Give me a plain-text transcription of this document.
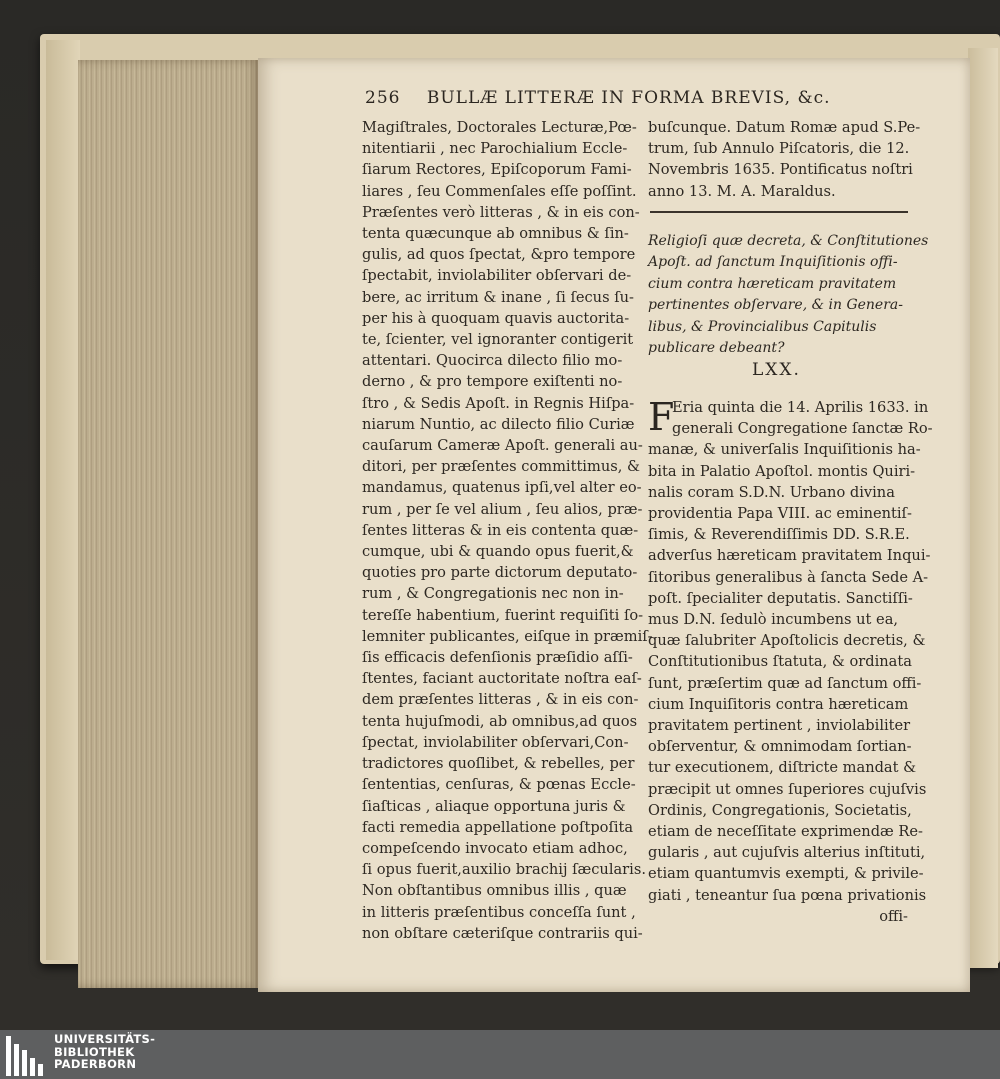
256 BULLÆ LITTERÆ IN FORMA BREVIS, &c.
Magiſtrales, Doctorales Lecturæ,Pœ-
nitentiarii , nec Parochialium Eccle-
ſiarum Rectores, Epiſcoporum Fami-
liares , ſeu Commenſales eſſe poſſint.
Præſentes verò litteras , & in eis con-
tenta quæcunque ab omnibus & ſin-
gulis, ad quos ſpectat, &pro tempore
ſpectabit, inviolabiliter obſervari de-
bere, ac irritum & inane , ſi ſecus ſu-
per his à quoquam quavis auctorita-
te, ſcienter, vel ignoranter contigerit
attentari. Quocirca dilecto filio mo-
derno , & pro tempore exiſtenti no-
ſtro , & Sedis Apoſt. in Regnis Hiſpa-
niarum Nuntio, ac dilecto filio Curiæ
cauſarum Cameræ Apoſt. generali au-
ditori, per præſentes committimus, &
mandamus, quatenus ipſi,vel alter eo-
rum , per ſe vel alium , ſeu alios, præ-
ſentes litteras & in eis contenta quæ-
cumque, ubi & quando opus fuerit,&
quoties pro parte dictorum deputato-
rum , & Congregationis nec non in-
tereſſe habentium, fuerint requiſiti ſo-
lemniter publicantes, eiſque in præmiſ-
ſis efficacis defenſionis præſidio aſſi-
ſtentes, faciant auctoritate noſtra eaſ-
dem præſentes litteras , & in eis con-
tenta hujuſmodi, ab omnibus,ad quos
ſpectat, inviolabiliter obſervari,Con-
tradictores quoſlibet, & rebelles, per
ſententias, cenſuras, & pœnas Eccle-
ſiaſticas , aliaque opportuna juris &
facti remedia appellatione poſtpoſita
compeſcendo invocato etiam adhoc,
ſi opus fuerit,auxilio brachij ſæcularis.
Non obſtantibus omnibus illis , quæ
in litteris præſentibus conceſſa ſunt ,
non obſtare cæteriſque contrariis qui-
buſcunque. Datum Romæ apud S.Pe-
trum, ſub Annulo Piſcatoris, die 12.
Novembris 1635. Pontificatus noſtri
anno 13. M. A. Maraldus.
Religioſi quæ decreta, & Conſtitutiones
Apoſt. ad ſanctum Inquiſitionis offi-
cium contra hæreticam pravitatem
pertinentes obſervare, & in Genera-
libus, & Provincialibus Capitulis
publicare debeant?
LXX.
F
Eria quinta die 14. Aprilis 1633. in
generali Congregatione ſanctæ Ro-
manæ, & univerſalis Inquiſitionis ha-
bita in Palatio Apoſtol. montis Quiri-
nalis coram S.D.N. Urbano divina
providentia Papa VIII. ac eminentiſ-
ſimis, & Reverendiſſimis DD. S.R.E.
adverſus hæreticam pravitatem Inqui-
ſitoribus generalibus à ſancta Sede A-
poſt. ſpecialiter deputatis. Sanctiſſi-
mus D.N. ſedulò incumbens ut ea,
quæ ſalubriter Apoſtolicis decretis, &
Conſtitutionibus ſtatuta, & ordinata
ſunt, præſertim quæ ad ſanctum offi-
cium Inquiſitoris contra hæreticam
pravitatem pertinent , inviolabiliter
obſerventur, & omnimodam ſortian-
tur executionem, diſtricte mandat &
præcipit ut omnes ſuperiores cujuſvis
Ordinis, Congregationis, Societatis,
etiam de neceſſitate exprimendæ Re-
gularis , aut cujuſvis alterius inſtituti,
etiam quantumvis exempti, & privile-
giati , teneantur ſua pœna privationis
offi-
UNIVERSITÄTS-
BIBLIOTHEK
PADERBORN
